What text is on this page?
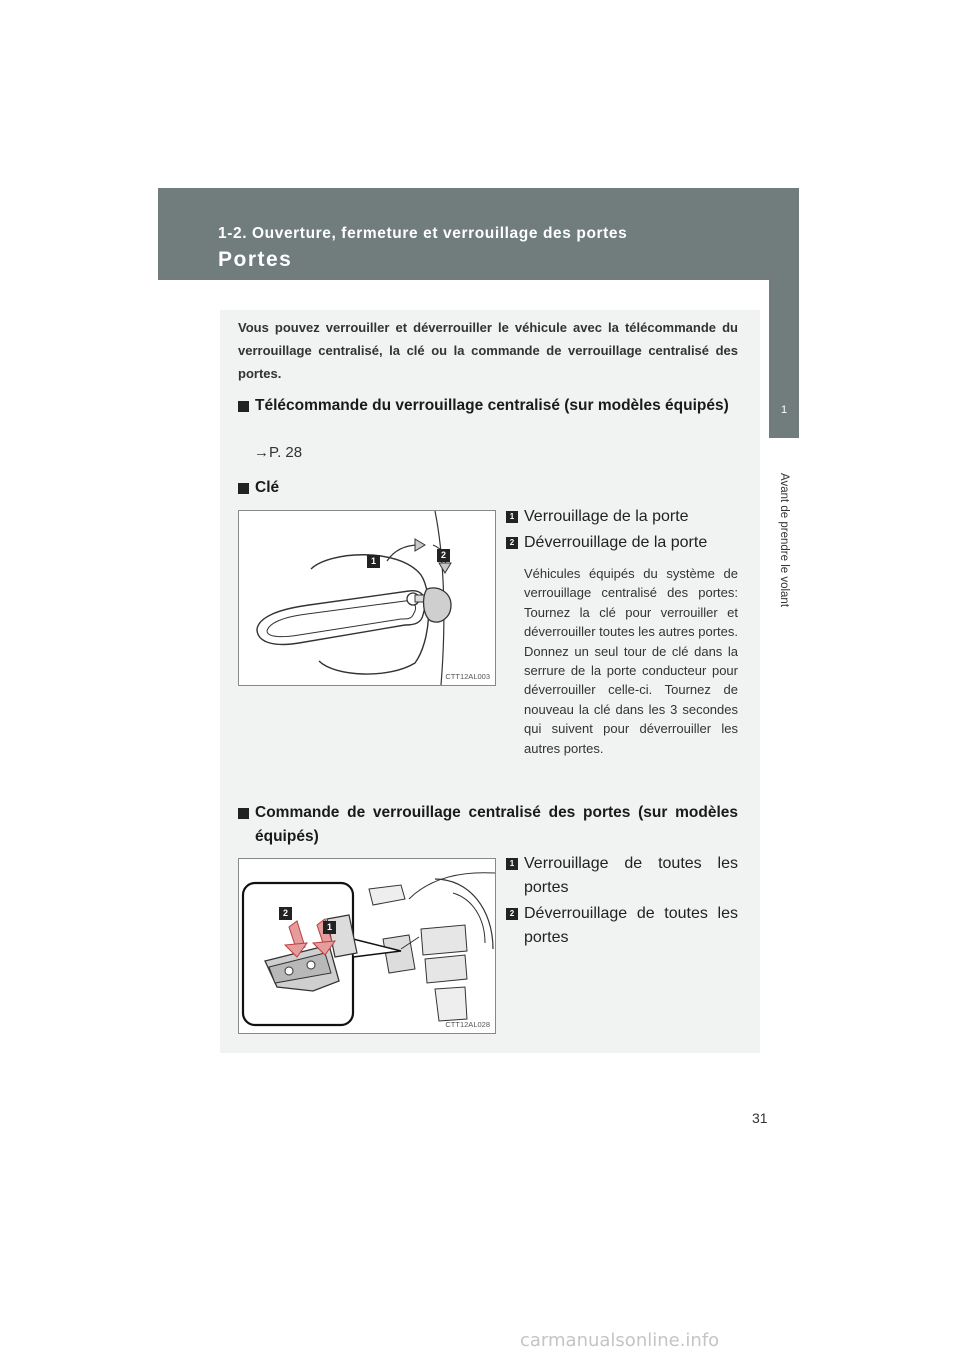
1-2. Ouverture, fermeture et verrouillage des portes
Portes
1
Avant de prendre le volant
Vous pouvez verrouiller et déverrouiller le véhicule avec la télécommande du verrouillage centralisé, la clé ou la commande de verrouillage centralisé des portes.
Télécommande du verrouillage centralisé (sur modèles équipés)
→P. 28
Clé
1
2
CTT12AL003
1 Verrouillage de la porte
2 Déverrouillage de la porte
Véhicules équipés du système de verrouillage centralisé des portes: Tournez la clé pour verrouiller et déverrouiller toutes les autres portes. Donnez un seul tour de clé dans la serrure de la porte conducteur pour déverrouiller celle-ci. Tournez de nouveau la clé dans les 3 secondes qui suivent pour déverrouiller les autres portes.
Commande de verrouillage centralisé des portes (sur modèles équipés)
2
1
CTT12AL028
1 Verrouillage de toutes les portes
2 Déverrouillage de toutes les portes
31
carmanualsonline.info
